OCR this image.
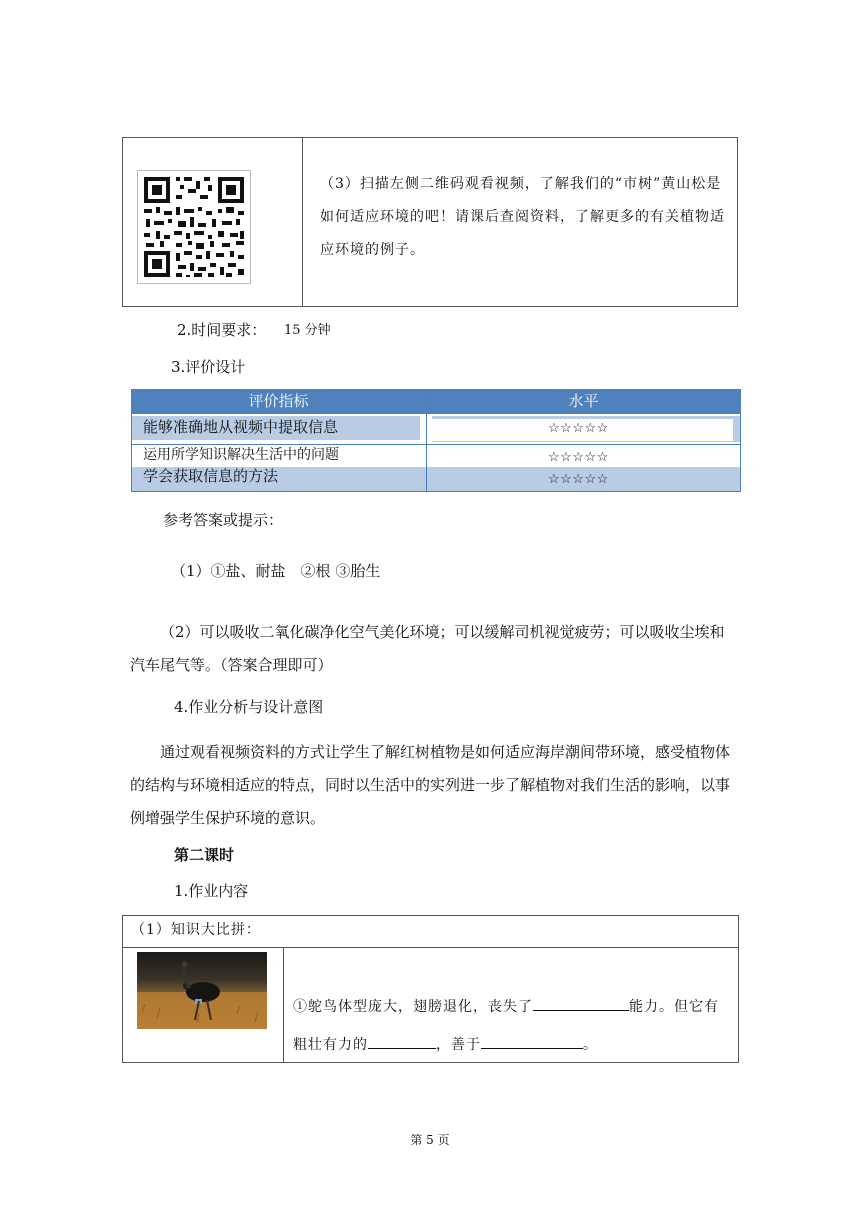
（3）扫描左侧二维码观看视频，了解我们的“市树”黄山松是如何适应环境的吧！请课后查阅资料，了解更多的有关植物适应环境的例子。
2.时间要求： 15 分钟
3.评价设计
评价指标	水平
能够准确地从视频中提取信息	☆☆☆☆☆
运用所学知识解决生活中的问题	☆☆☆☆☆
学会获取信息的方法	☆☆☆☆☆
参考答案或提示：
（1）①盐、耐盐　②根 ③胎生
（2）可以吸收二氧化碳净化空气美化环境；可以缓解司机视觉疲劳；可以吸收尘埃和汽车尾气等。（答案合理即可）
4.作业分析与设计意图
通过观看视频资料的方式让学生了解红树植物是如何适应海岸潮间带环境，感受植物体的结构与环境相适应的特点，同时以生活中的实列进一步了解植物对我们生活的影响，以事例增强学生保护环境的意识。
第二课时
1.作业内容
（1）知识大比拼：
①鸵鸟体型庞大，翅膀退化，丧失了	能力。但它有粗壮有力的	，善于	。
第 5 页
